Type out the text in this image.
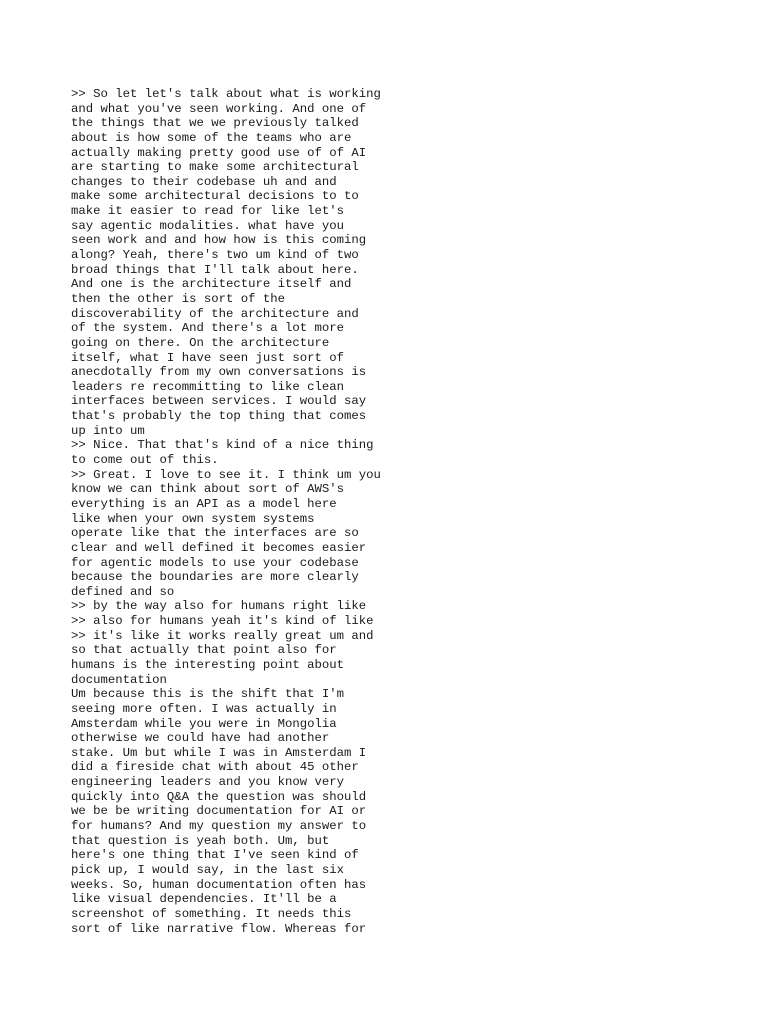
>> So let let's talk about what is working
and what you've seen working. And one of
the things that we we previously talked
about is how some of the teams who are
actually making pretty good use of of AI
are starting to make some architectural
changes to their codebase uh and and
make some architectural decisions to to
make it easier to read for like let's
say agentic modalities. what have you
seen work and and how how is this coming
along? Yeah, there's two um kind of two
broad things that I'll talk about here.
And one is the architecture itself and
then the other is sort of the
discoverability of the architecture and
of the system. And there's a lot more
going on there. On the architecture
itself, what I have seen just sort of
anecdotally from my own conversations is
leaders re recommitting to like clean
interfaces between services. I would say
that's probably the top thing that comes
up into um
>> Nice. That that's kind of a nice thing
to come out of this.
>> Great. I love to see it. I think um you
know we can think about sort of AWS's
everything is an API as a model here
like when your own system systems
operate like that the interfaces are so
clear and well defined it becomes easier
for agentic models to use your codebase
because the boundaries are more clearly
defined and so
>> by the way also for humans right like
>> also for humans yeah it's kind of like
>> it's like it works really great um and
so that actually that point also for
humans is the interesting point about
documentation
Um because this is the shift that I'm
seeing more often. I was actually in
Amsterdam while you were in Mongolia
otherwise we could have had another
stake. Um but while I was in Amsterdam I
did a fireside chat with about 45 other
engineering leaders and you know very
quickly into Q&A the question was should
we be be writing documentation for AI or
for humans? And my question my answer to
that question is yeah both. Um, but
here's one thing that I've seen kind of
pick up, I would say, in the last six
weeks. So, human documentation often has
like visual dependencies. It'll be a
screenshot of something. It needs this
sort of like narrative flow. Whereas for
